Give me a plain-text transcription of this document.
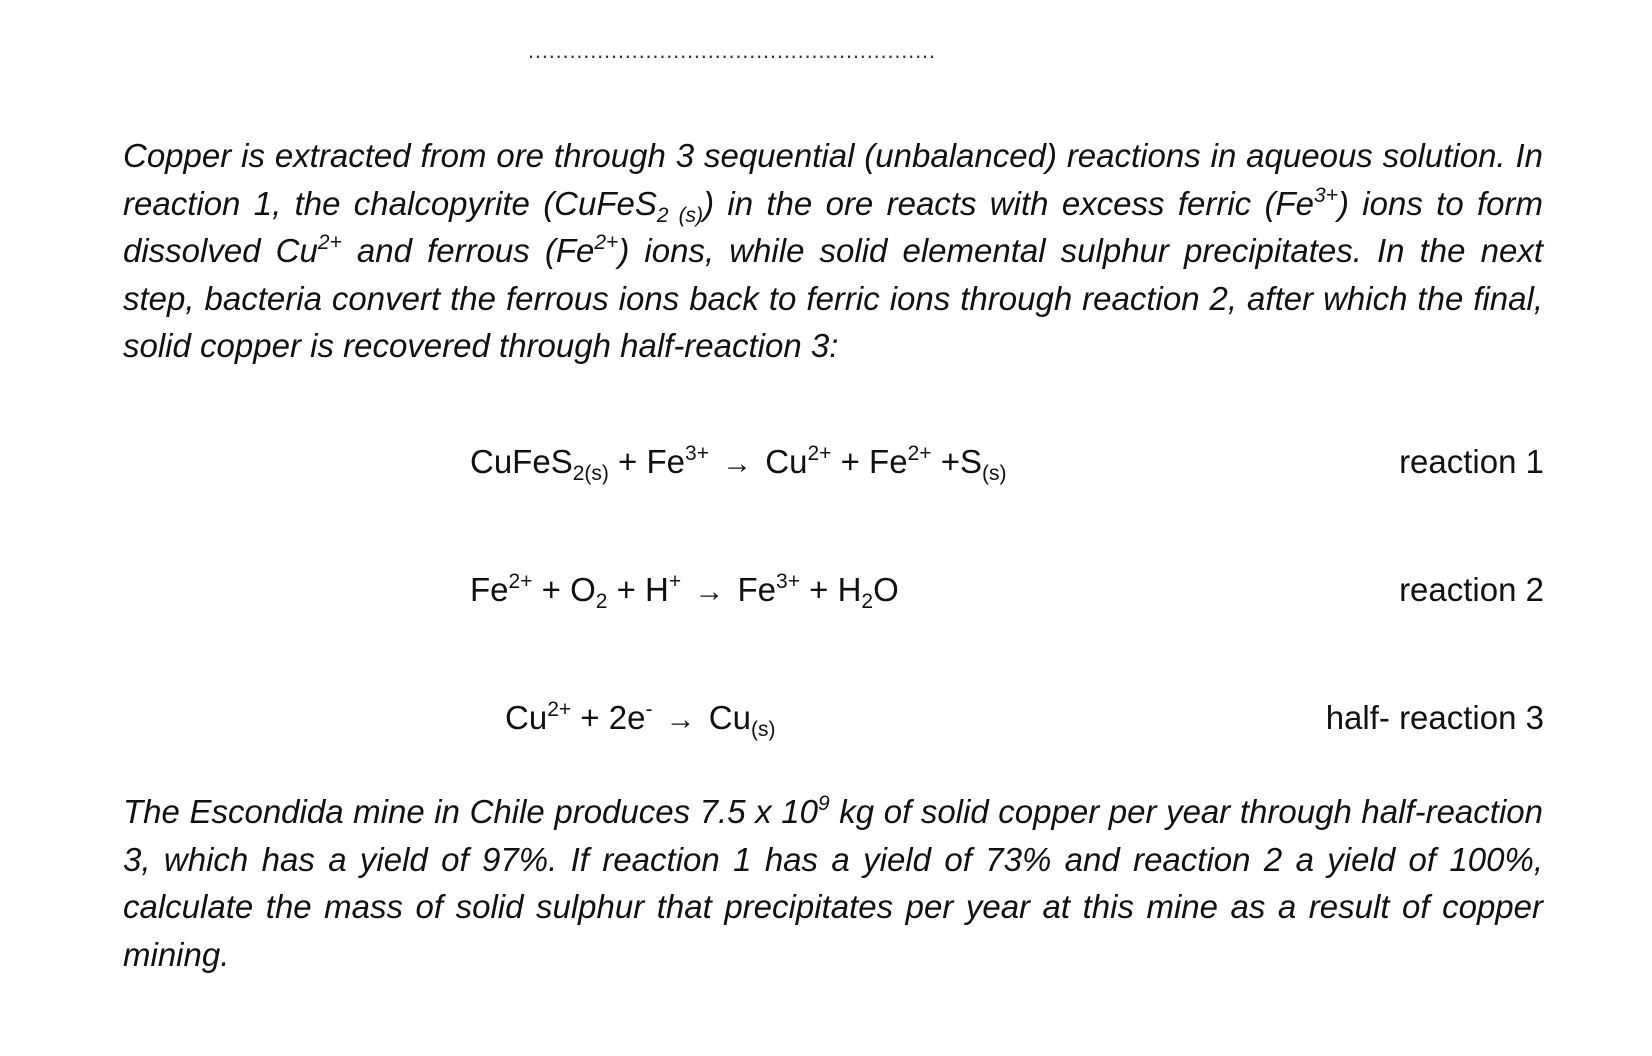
...........................................................

Copper is extracted from ore through 3 sequential (unbalanced) reactions in aqueous solution. In reaction 1, the chalcopyrite (CuFeS$_{2 (s)}$) in the ore reacts with excess ferric $(Fe^{3+})$ ions to form dissolved $Cu^{2+}$ and ferrous $(Fe^{2+})$ ions, while solid elemental sulphur precipitates. In the next step, bacteria convert the ferrous ions back to ferric ions through reaction 2, after which the final, solid copper is recovered through half-reaction 3:

CuFeS$_{2(s)}$ + $Fe^{3+} \to Cu^{2+} + Fe^{2+} +S_{(s)}$	reaction 1
$Fe^{2+} + O_2 + H^+ \to Fe^{3+} + H_2O$	reaction 2
$Cu^{2+} + 2e^- \to Cu_{(s)}$	half- reaction 3

The Escondida mine in Chile produces 7.5 x $10^9$ kg of solid copper per year through half-reaction 3, which has a yield of 97%. If reaction 1 has a yield of 73% and reaction 2 a yield of 100%, calculate the mass of solid sulphur that precipitates per year at this mine as a result of copper mining.
